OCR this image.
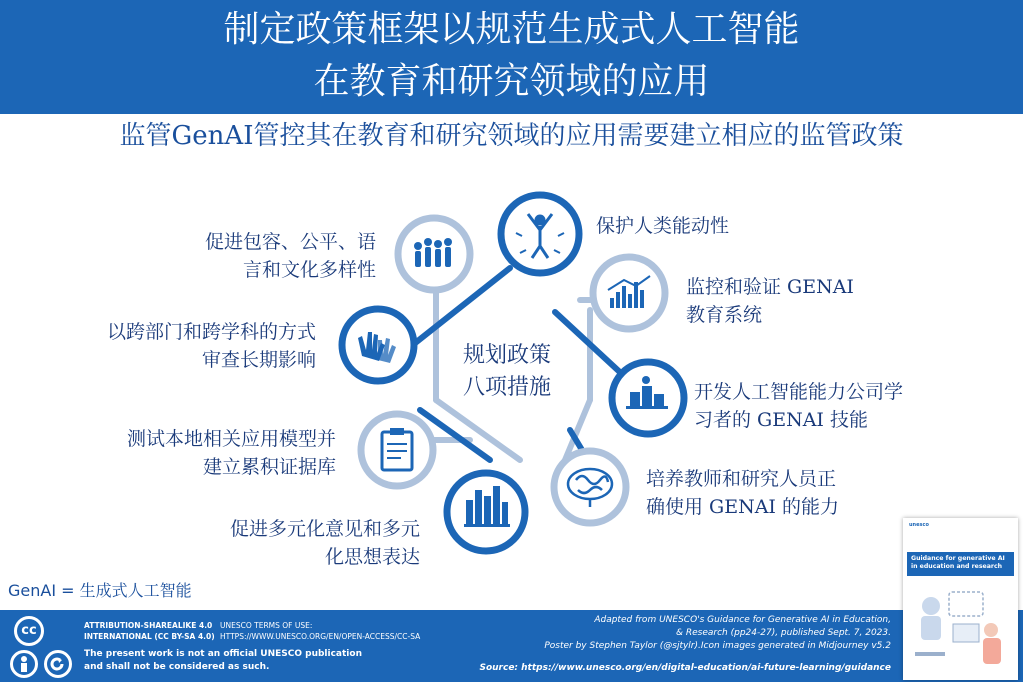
制定政策框架以规范生成式人工智能
在教育和研究领域的应用
监管GenAI管控其在教育和研究领域的应用需要建立相应的监管政策
规划政策
八项措施
保护人类能动性
监控和验证 GENAI
教育系统
开发人工智能能力公司学
习者的 GENAI 技能
培养教师和研究人员正
确使用 GENAI 的能力
促进多元化意见和多元
化思想表达
测试本地相关应用模型并
建立累积证据库
以跨部门和跨学科的方式
审查长期影响
促进包容、公平、语
言和文化多样性
GenAI = 生成式人工智能
cc	ATTRIBUTION-SHAREALIKE 4.0
INTERNATIONAL (CC BY-SA 4.0)
UNESCO TERMS OF USE:
HTTPS://WWW.UNESCO.ORG/EN/OPEN-ACCESS/CC-SA
The present work is not an official UNESCO publication
and shall not be considered as such.
Adapted from UNESCO's Guidance for Generative AI in Education,
& Research (pp24-27), published Sept. 7, 2023.
Poster by Stephen Taylor (@sjtylr).Icon images generated in Midjourney v5.2
Source: https://www.unesco.org/en/digital-education/ai-future-learning/guidance
unesco
Guidance for generative AI
in education and research
